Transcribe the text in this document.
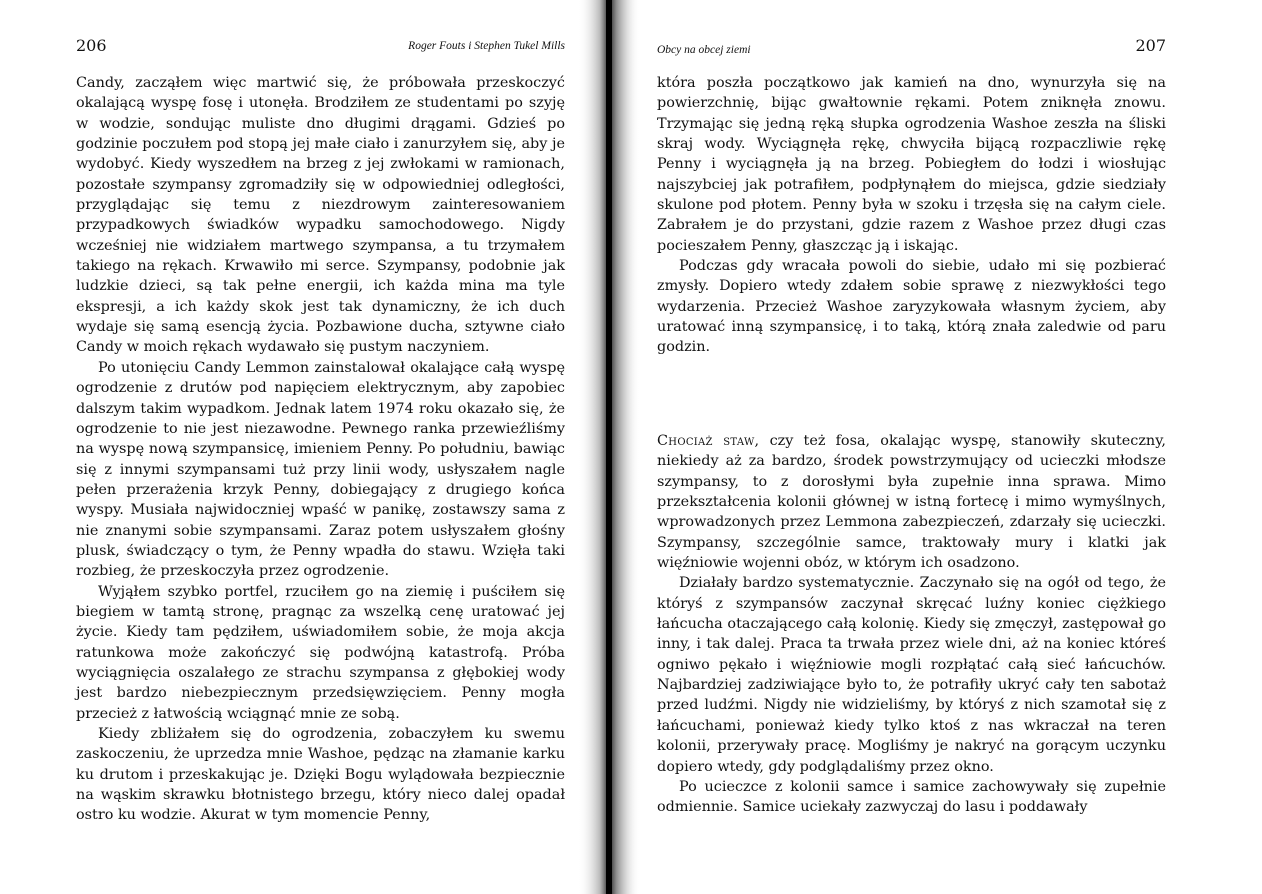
206	Roger Fouts i Stephen Tukel Mills

Candy, zacząłem więc martwić się, że próbowała przeskoczyć okalającą wyspę fosę i utonęła. Brodziłem ze studentami po szyję w wodzie, sondując muliste dno długimi drągami. Gdzieś po godzinie poczułem pod stopą jej małe ciało i zanurzyłem się, aby je wydobyć. Kiedy wyszedłem na brzeg z jej zwłokami w ramionach, pozostałe szympansy zgromadziły się w odpowiedniej odległości, przyglądając się temu z niezdrowym zainteresowaniem przypadkowych świadków wypadku samochodowego. Nigdy wcześniej nie widziałem martwego szympansa, a tu trzymałem takiego na rękach. Krwawiło mi serce. Szympansy, podobnie jak ludzkie dzieci, są tak pełne energii, ich każda mina ma tyle ekspresji, a ich każdy skok jest tak dynamiczny, że ich duch wydaje się samą esencją życia. Pozbawione ducha, sztywne ciało Candy w moich rękach wydawało się pustym naczyniem.

Po utonięciu Candy Lemmon zainstalował okalające całą wyspę ogrodzenie z drutów pod napięciem elektrycznym, aby zapobiec dalszym takim wypadkom. Jednak latem 1974 roku okazało się, że ogrodzenie to nie jest niezawodne. Pewnego ranka przewieźliśmy na wyspę nową szympansicę, imieniem Penny. Po południu, bawiąc się z innymi szympansami tuż przy linii wody, usłyszałem nagle pełen przerażenia krzyk Penny, dobiegający z drugiego końca wyspy. Musiała najwidoczniej wpaść w panikę, zostawszy sama z nie znanymi sobie szympansami. Zaraz potem usłyszałem głośny plusk, świadczący o tym, że Penny wpadła do stawu. Wzięła taki rozbieg, że przeskoczyła przez ogrodzenie.

Wyjąłem szybko portfel, rzuciłem go na ziemię i puściłem się biegiem w tamtą stronę, pragnąc za wszelką cenę uratować jej życie. Kiedy tam pędziłem, uświadomiłem sobie, że moja akcja ratunkowa może zakończyć się podwójną katastrofą. Próba wyciągnięcia oszalałego ze strachu szympansa z głębokiej wody jest bardzo niebezpiecznym przedsięwzięciem. Penny mogła przecież z łatwością wciągnąć mnie ze sobą.

Kiedy zbliżałem się do ogrodzenia, zobaczyłem ku swemu zaskoczeniu, że uprzedza mnie Washoe, pędząc na złamanie karku ku drutom i przeskakując je. Dzięki Bogu wylądowała bezpiecznie na wąskim skrawku błotnistego brzegu, który nieco dalej opadał ostro ku wodzie. Akurat w tym momencie Penny,

Obcy na obcej ziemi	207

która poszła początkowo jak kamień na dno, wynurzyła się na powierzchnię, bijąc gwałtownie rękami. Potem zniknęła znowu. Trzymając się jedną ręką słupka ogrodzenia Washoe zeszła na śliski skraj wody. Wyciągnęła rękę, chwyciła bijącą rozpaczliwie rękę Penny i wyciągnęła ją na brzeg. Pobiegłem do łodzi i wiosłując najszybciej jak potrafiłem, podpłynąłem do miejsca, gdzie siedziały skulone pod płotem. Penny była w szoku i trzęsła się na całym ciele. Zabrałem je do przystani, gdzie razem z Washoe przez długi czas pocieszałem Penny, głaszcząc ją i iskając.

Podczas gdy wracała powoli do siebie, udało mi się pozbierać zmysły. Dopiero wtedy zdałem sobie sprawę z niezwykłości tego wydarzenia. Przecież Washoe zaryzykowała własnym życiem, aby uratować inną szympansicę, i to taką, którą znała zaledwie od paru godzin.

Chociaż staw, czy też fosa, okalając wyspę, stanowiły skuteczny, niekiedy aż za bardzo, środek powstrzymujący od ucieczki młodsze szympansy, to z dorosłymi była zupełnie inna sprawa. Mimo przekształcenia kolonii głównej w istną fortecę i mimo wymyślnych, wprowadzonych przez Lemmona zabezpieczeń, zdarzały się ucieczki. Szympansy, szczególnie samce, traktowały mury i klatki jak więźniowie wojenni obóz, w którym ich osadzono.

Działały bardzo systematycznie. Zaczynało się na ogół od tego, że któryś z szympansów zaczynał skręcać luźny koniec ciężkiego łańcucha otaczającego całą kolonię. Kiedy się zmęczył, zastępował go inny, i tak dalej. Praca ta trwała przez wiele dni, aż na koniec któreś ogniwo pękało i więźniowie mogli rozpłątać całą sieć łańcuchów. Najbardziej zadziwiające było to, że potrafiły ukryć cały ten sabotaż przed ludźmi. Nigdy nie widzieliśmy, by któryś z nich szamotał się z łańcuchami, ponieważ kiedy tylko ktoś z nas wkraczał na teren kolonii, przerywały pracę. Mogliśmy je nakryć na gorącym uczynku dopiero wtedy, gdy podglądaliśmy przez okno.

Po ucieczce z kolonii samce i samice zachowywały się zupełnie odmiennie. Samice uciekały zazwyczaj do lasu i poddawały
